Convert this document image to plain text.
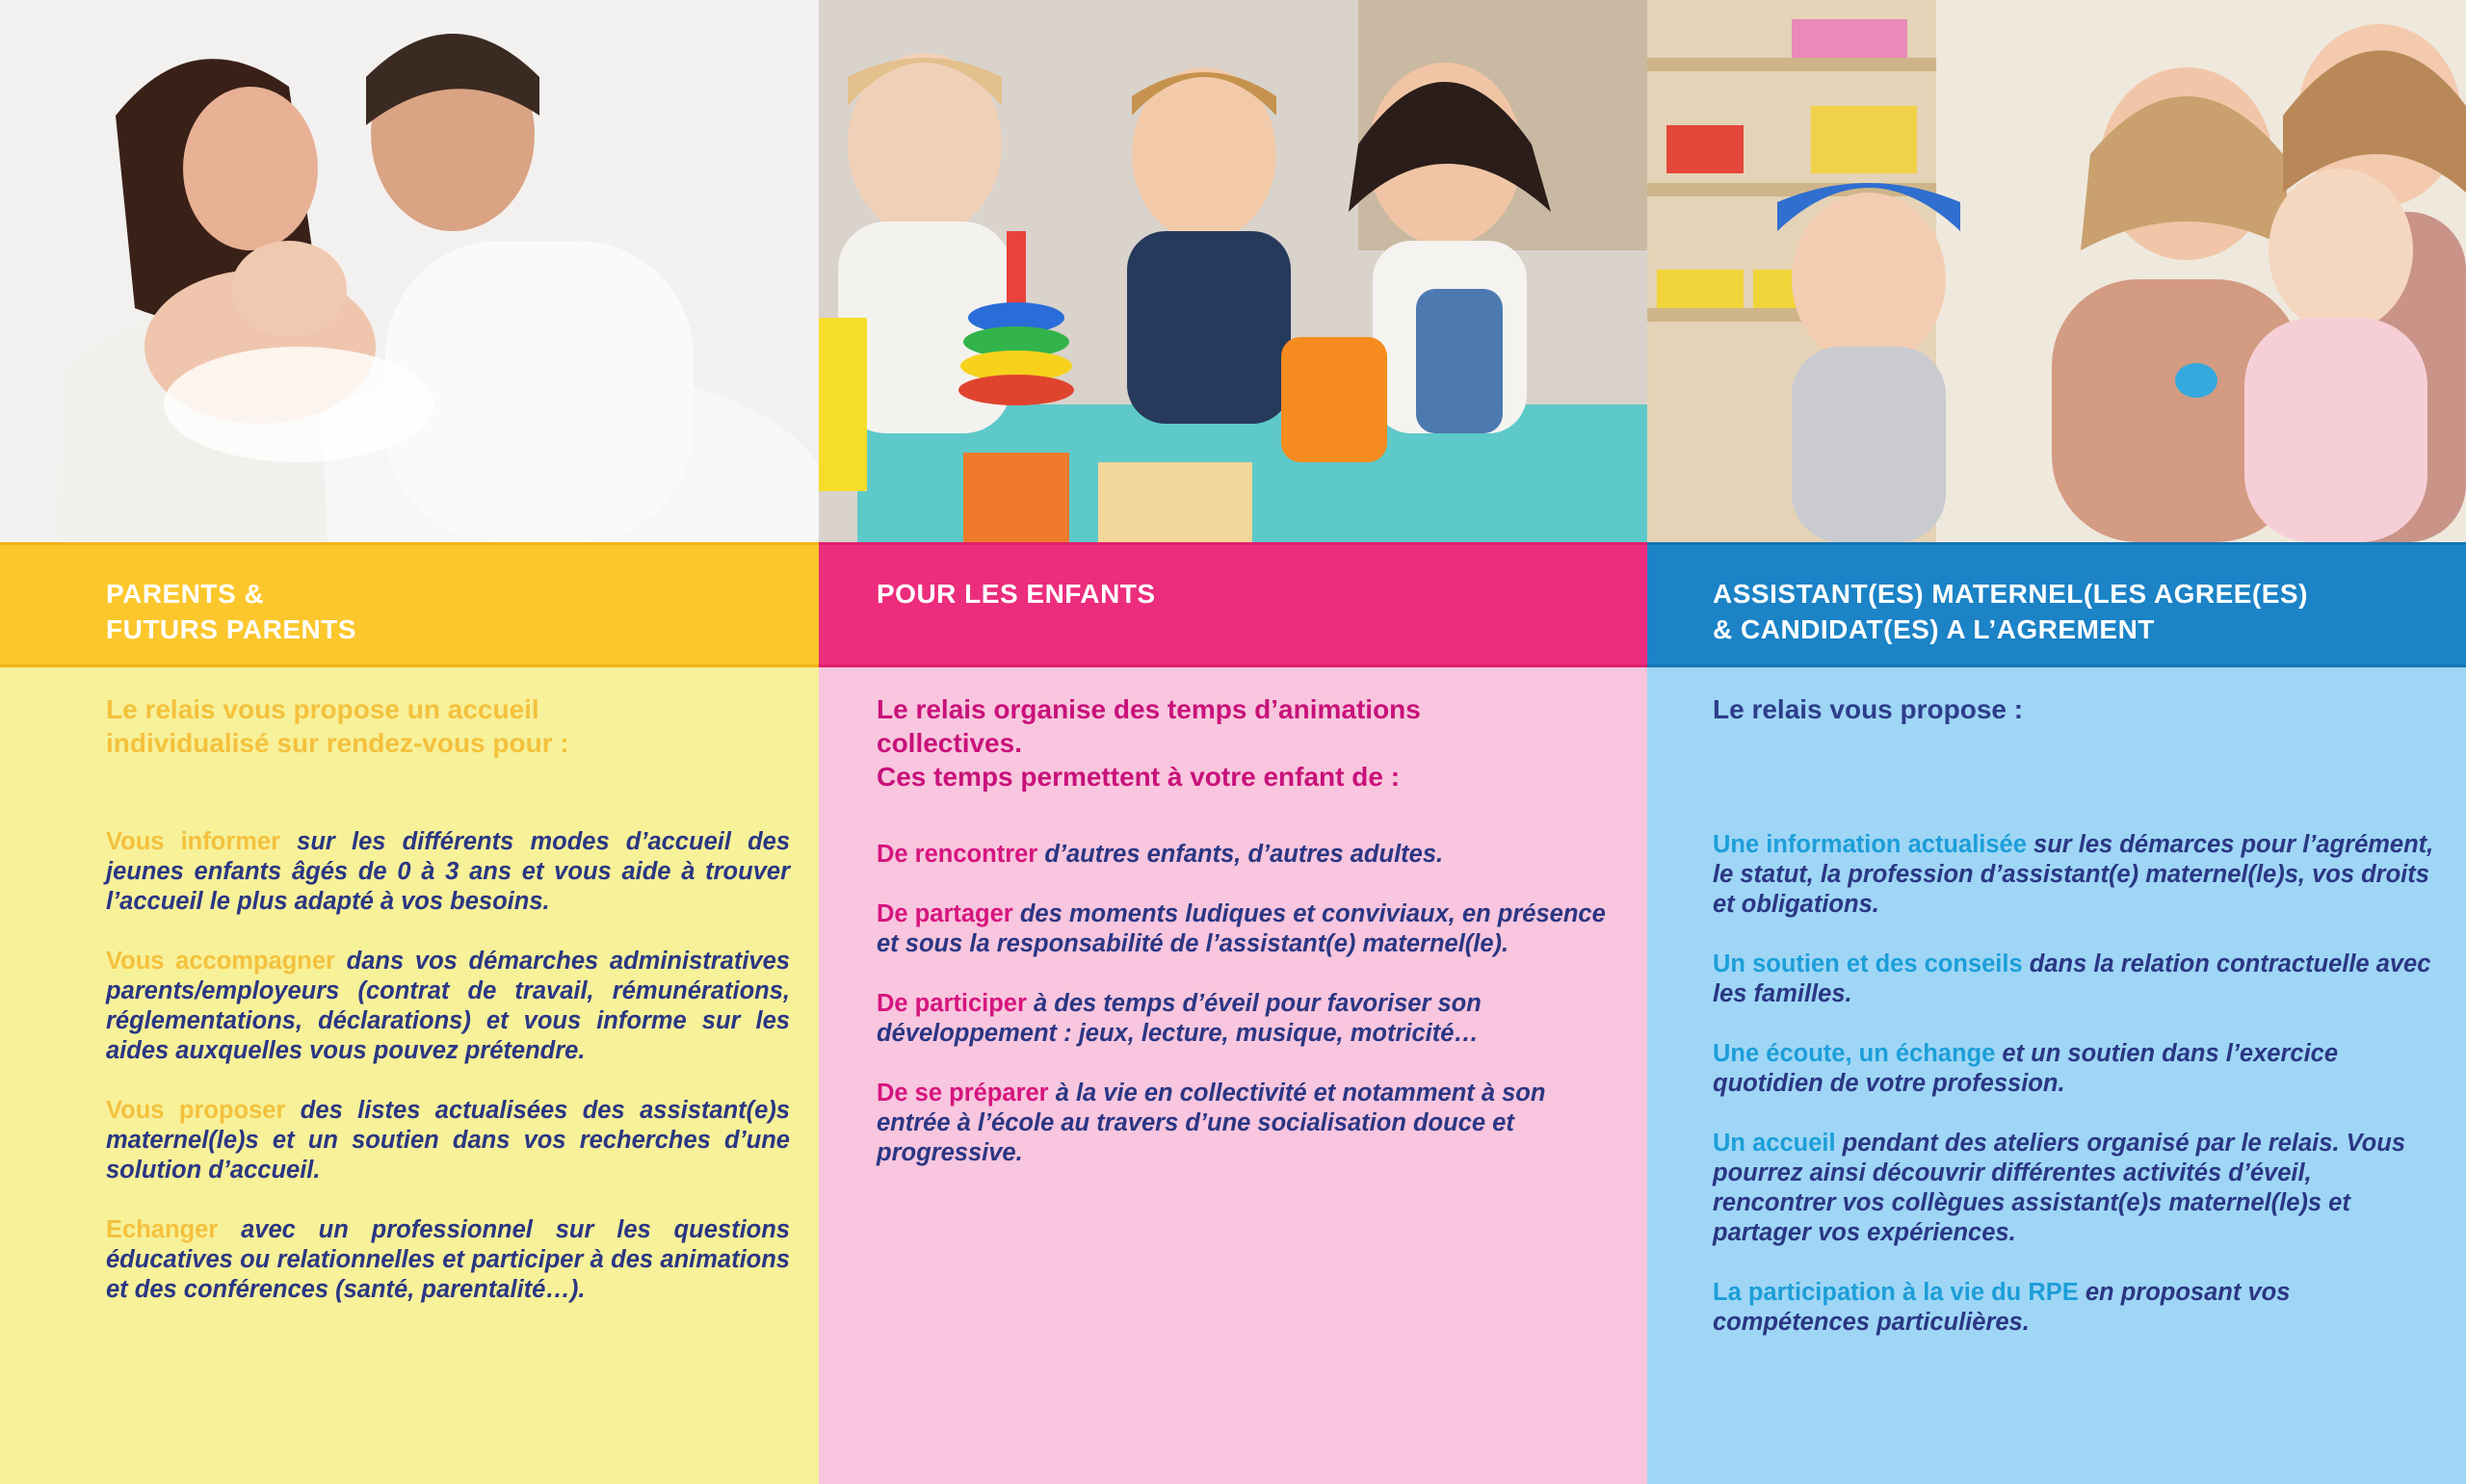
PARENTS &
FUTURS PARENTS

Le relais vous propose un accueil
individualisé sur rendez-vous pour :

Vous informer sur les différents modes d’accueil des jeunes enfants âgés de 0 à 3 ans et vous aide à trouver l’accueil le plus adapté à vos besoins.

Vous accompagner dans vos démarches administratives parents/employeurs (contrat de travail, rémunérations, réglementations, déclarations) et vous informe sur les aides auxquelles vous pouvez prétendre.

Vous proposer des listes actualisées des assistant(e)s maternel(le)s et un soutien dans vos recherches d’une solution d’accueil.

Echanger avec un professionnel sur les questions éducatives ou relationnelles et participer à des animations et des conférences (santé, parentalité…).

POUR LES ENFANTS

Le relais organise des temps d’animations
collectives.
Ces temps permettent à votre enfant de :

De rencontrer d’autres enfants, d’autres adultes.

De partager des moments ludiques et conviviaux, en présence et sous la responsabilité de l’assistant(e) maternel(le).

De participer à des temps d’éveil pour favoriser son développement : jeux, lecture, musique, motricité…

De se préparer à la vie en collectivité et notamment à son entrée à l’école au travers d’une socialisation douce et progressive.

ASSISTANT(ES) MATERNEL(LES AGREE(ES)
& CANDIDAT(ES) A L’AGREMENT

Le relais vous propose :

Une information actualisée sur les démarces pour l’agrément, le statut, la profession d’assistant(e) maternel(le)s, vos droits et obligations.

Un soutien et des conseils dans la relation contractuelle avec les familles.

Une écoute, un échange et un soutien dans l’exercice quotidien de votre profession.

Un accueil pendant des ateliers organisé par le relais. Vous pourrez ainsi découvrir différentes activités d’éveil, rencontrer vos collègues assistant(e)s maternel(le)s et partager vos expériences.

La participation à la vie du RPE en proposant vos compétences particulières.
